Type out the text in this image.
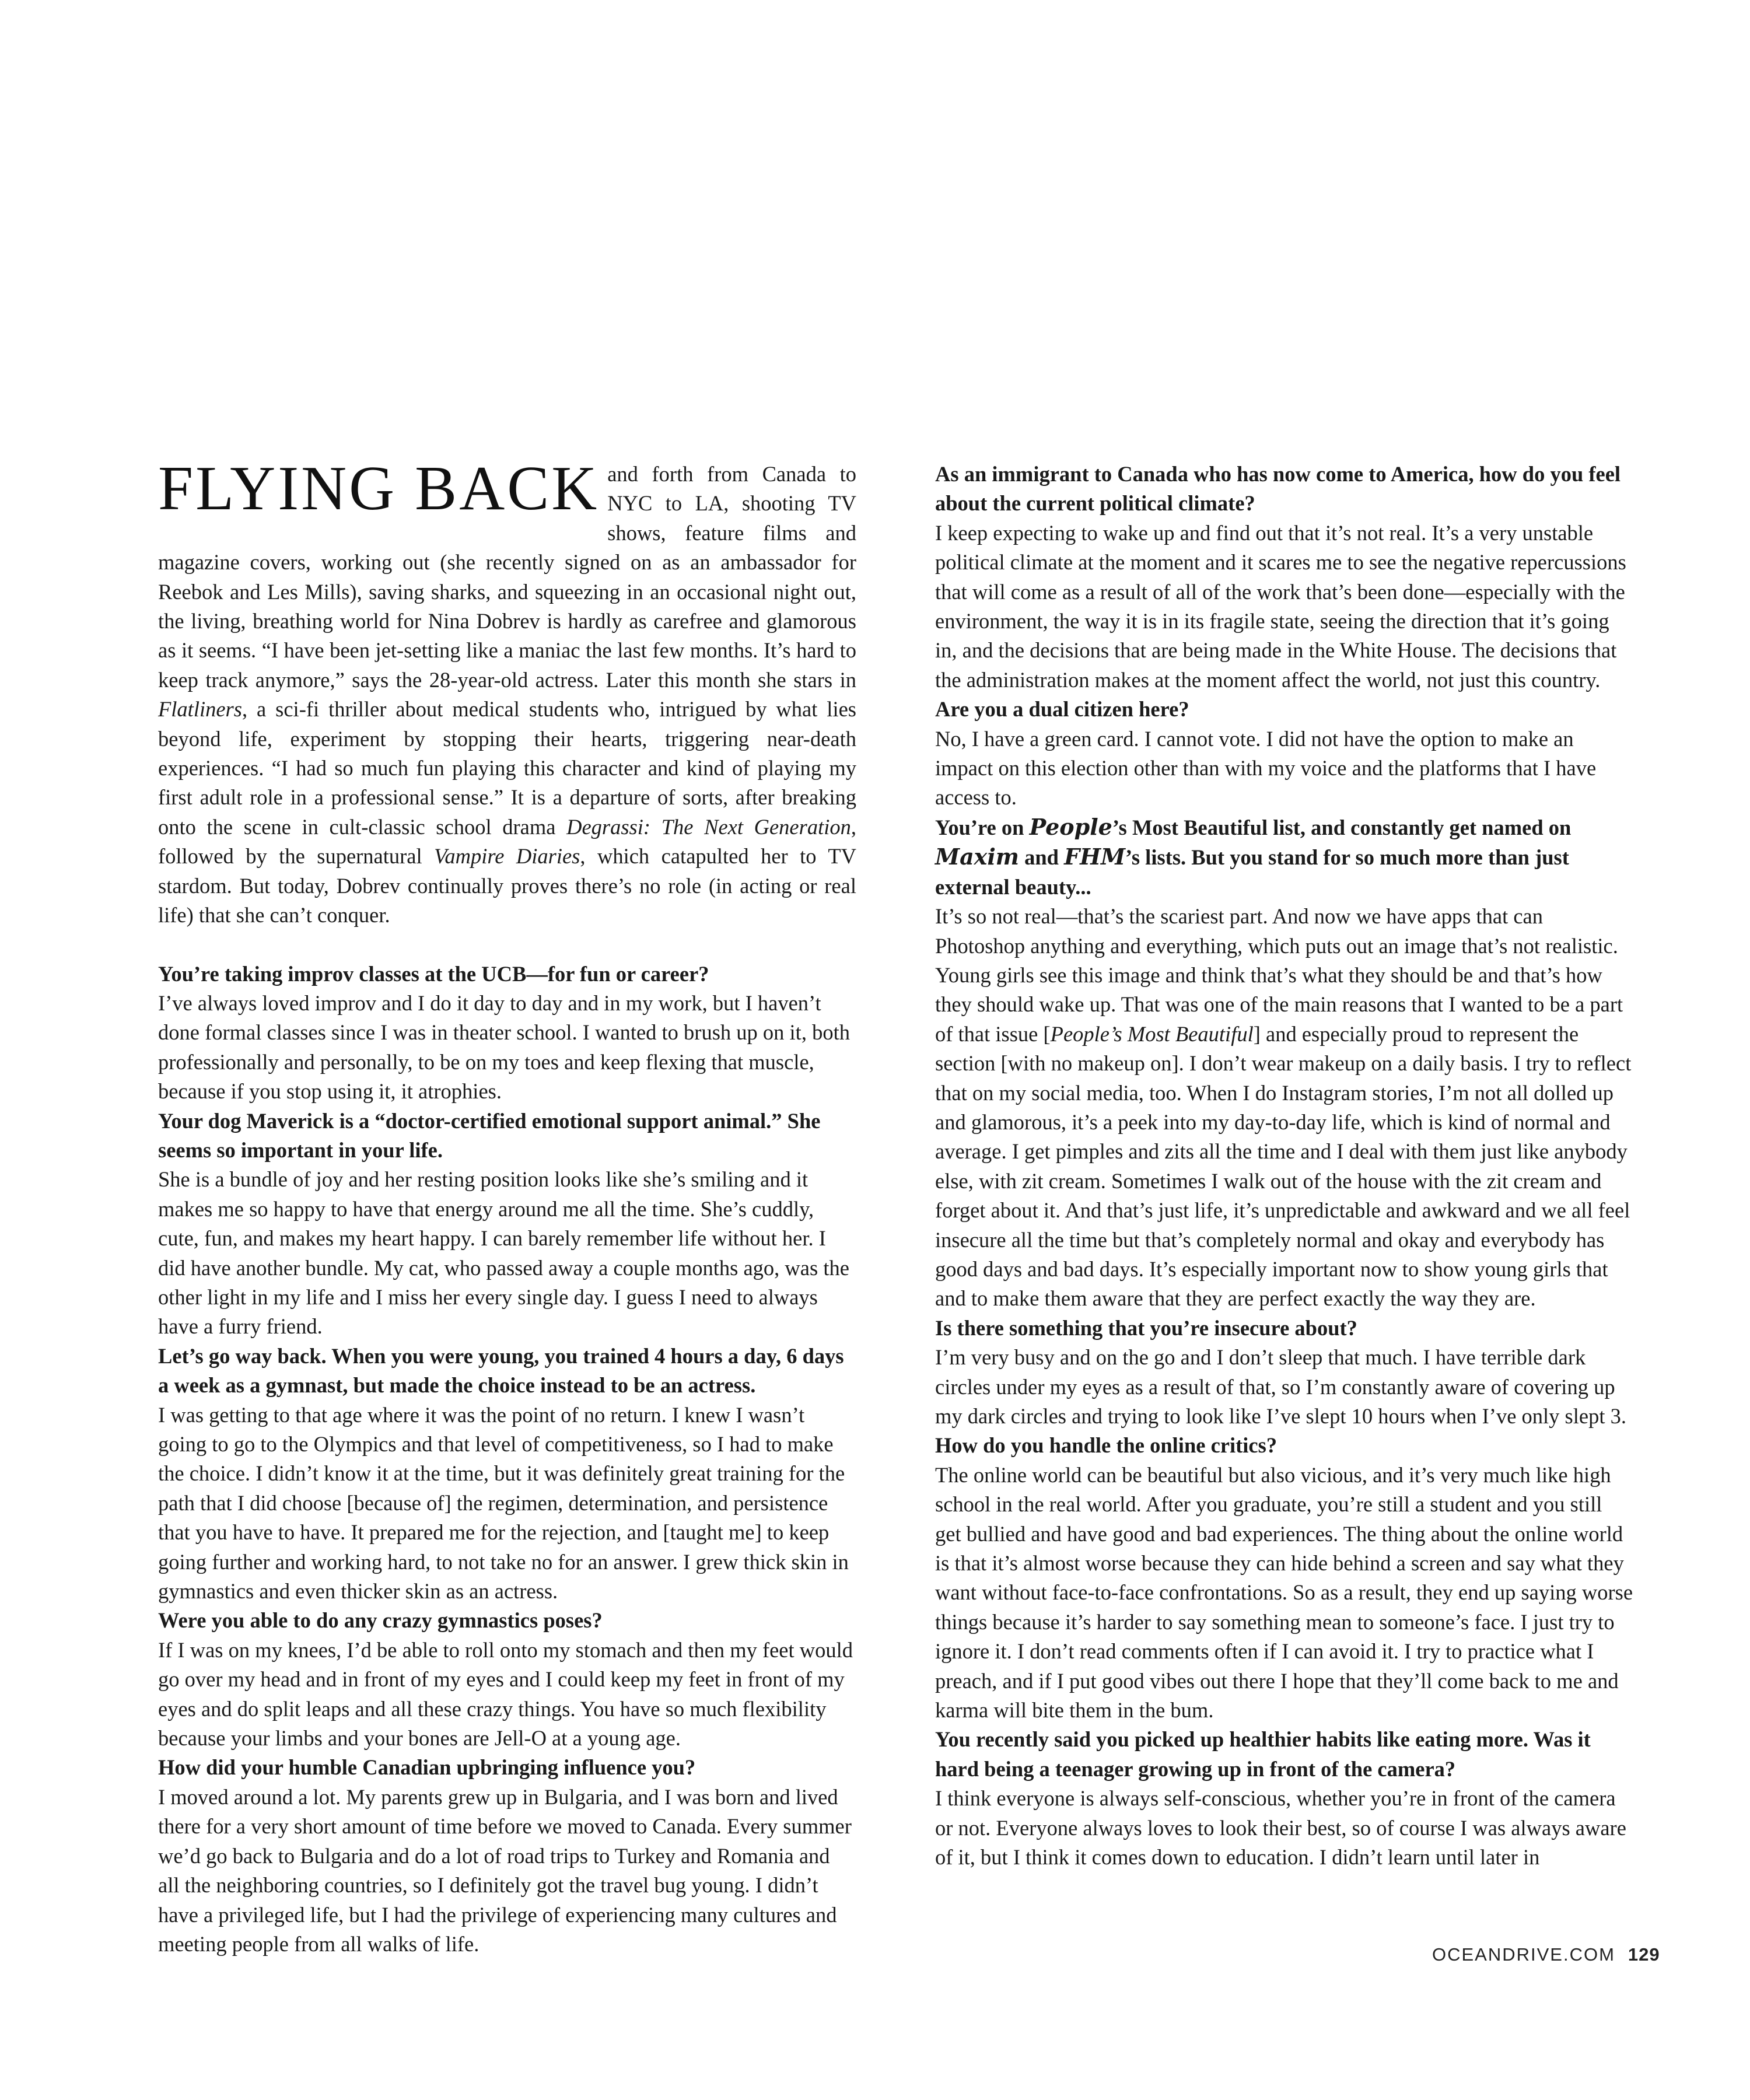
FLYING BACK and forth from Canada to NYC to LA, shooting TV shows, feature films and magazine covers, working out (she recently signed on as an ambassador for Reebok and Les Mills), saving sharks, and squeezing in an occasional night out, the living, breathing world for Nina Dobrev is hardly as carefree and glamorous as it seems. “I have been jet-setting like a maniac the last few months. It’s hard to keep track anymore,” says the 28-year-old actress. Later this month she stars in Flatliners, a sci-fi thriller about medical students who, intrigued by what lies beyond life, experiment by stopping their hearts, triggering near-death experiences. “I had so much fun playing this character and kind of playing my first adult role in a professional sense.” It is a departure of sorts, after breaking onto the scene in cult-classic school drama Degrassi: The Next Generation, followed by the supernatural Vampire Diaries, which catapulted her to TV stardom. But today, Dobrev continually proves there’s no role (in acting or real life) that she can’t conquer.

You’re taking improv classes at the UCB—for fun or career?

I’ve always loved improv and I do it day to day and in my work, but I haven’t done formal classes since I was in theater school. I wanted to brush up on it, both professionally and personally, to be on my toes and keep flexing that muscle, because if you stop using it, it atrophies.

Your dog Maverick is a “doctor-certified emotional support animal.” She seems so important in your life.

She is a bundle of joy and her resting position looks like she’s smiling and it makes me so happy to have that energy around me all the time. She’s cuddly, cute, fun, and makes my heart happy. I can barely remember life without her. I did have another bundle. My cat, who passed away a couple months ago, was the other light in my life and I miss her every single day. I guess I need to always have a furry friend.

Let’s go way back. When you were young, you trained 4 hours a day, 6 days a week as a gymnast, but made the choice instead to be an actress.

I was getting to that age where it was the point of no return. I knew I wasn’t going to go to the Olympics and that level of competitiveness, so I had to make the choice. I didn’t know it at the time, but it was definitely great training for the path that I did choose [because of] the regimen, determination, and persistence that you have to have. It prepared me for the rejection, and [taught me] to keep going further and working hard, to not take no for an answer. I grew thick skin in gymnastics and even thicker skin as an actress.

Were you able to do any crazy gymnastics poses?

If I was on my knees, I’d be able to roll onto my stomach and then my feet would go over my head and in front of my eyes and I could keep my feet in front of my eyes and do split leaps and all these crazy things. You have so much flexibility because your limbs and your bones are Jell-O at a young age.

How did your humble Canadian upbringing influence you?

I moved around a lot. My parents grew up in Bulgaria, and I was born and lived there for a very short amount of time before we moved to Canada. Every summer we’d go back to Bulgaria and do a lot of road trips to Turkey and Romania and all the neighboring countries, so I definitely got the travel bug young. I didn’t have a privileged life, but I had the privilege of experiencing many cultures and meeting people from all walks of life.

As an immigrant to Canada who has now come to America, how do you feel about the current political climate?

I keep expecting to wake up and find out that it’s not real. It’s a very unstable political climate at the moment and it scares me to see the negative repercussions that will come as a result of all of the work that’s been done—especially with the environment, the way it is in its fragile state, seeing the direction that it’s going in, and the decisions that are being made in the White House. The decisions that the administration makes at the moment affect the world, not just this country.

Are you a dual citizen here?

No, I have a green card. I cannot vote. I did not have the option to make an impact on this election other than with my voice and the platforms that I have access to.

You’re on People’s Most Beautiful list, and constantly get named on Maxim and FHM’s lists. But you stand for so much more than just external beauty...

It’s so not real—that’s the scariest part. And now we have apps that can Photoshop anything and everything, which puts out an image that’s not realistic. Young girls see this image and think that’s what they should be and that’s how they should wake up. That was one of the main reasons that I wanted to be a part of that issue [People’s Most Beautiful] and especially proud to represent the section [with no makeup on]. I don’t wear makeup on a daily basis. I try to reflect that on my social media, too. When I do Instagram stories, I’m not all dolled up and glamorous, it’s a peek into my day-to-day life, which is kind of normal and average. I get pimples and zits all the time and I deal with them just like anybody else, with zit cream. Sometimes I walk out of the house with the zit cream and forget about it. And that’s just life, it’s unpredictable and awkward and we all feel insecure all the time but that’s completely normal and okay and everybody has good days and bad days. It’s especially important now to show young girls that and to make them aware that they are perfect exactly the way they are.

Is there something that you’re insecure about?

I’m very busy and on the go and I don’t sleep that much. I have terrible dark circles under my eyes as a result of that, so I’m constantly aware of covering up my dark circles and trying to look like I’ve slept 10 hours when I’ve only slept 3.

How do you handle the online critics?

The online world can be beautiful but also vicious, and it’s very much like high school in the real world. After you graduate, you’re still a student and you still get bullied and have good and bad experiences. The thing about the online world is that it’s almost worse because they can hide behind a screen and say what they want without face-to-face confrontations. So as a result, they end up saying worse things because it’s harder to say something mean to someone’s face. I just try to ignore it. I don’t read comments often if I can avoid it. I try to practice what I preach, and if I put good vibes out there I hope that they’ll come back to me and karma will bite them in the bum.

You recently said you picked up healthier habits like eating more. Was it hard being a teenager growing up in front of the camera?

I think everyone is always self-conscious, whether you’re in front of the camera or not. Everyone always loves to look their best, so of course I was always aware of it, but I think it comes down to education. I didn’t learn until later in

OCEANDRIVE.COM 129
